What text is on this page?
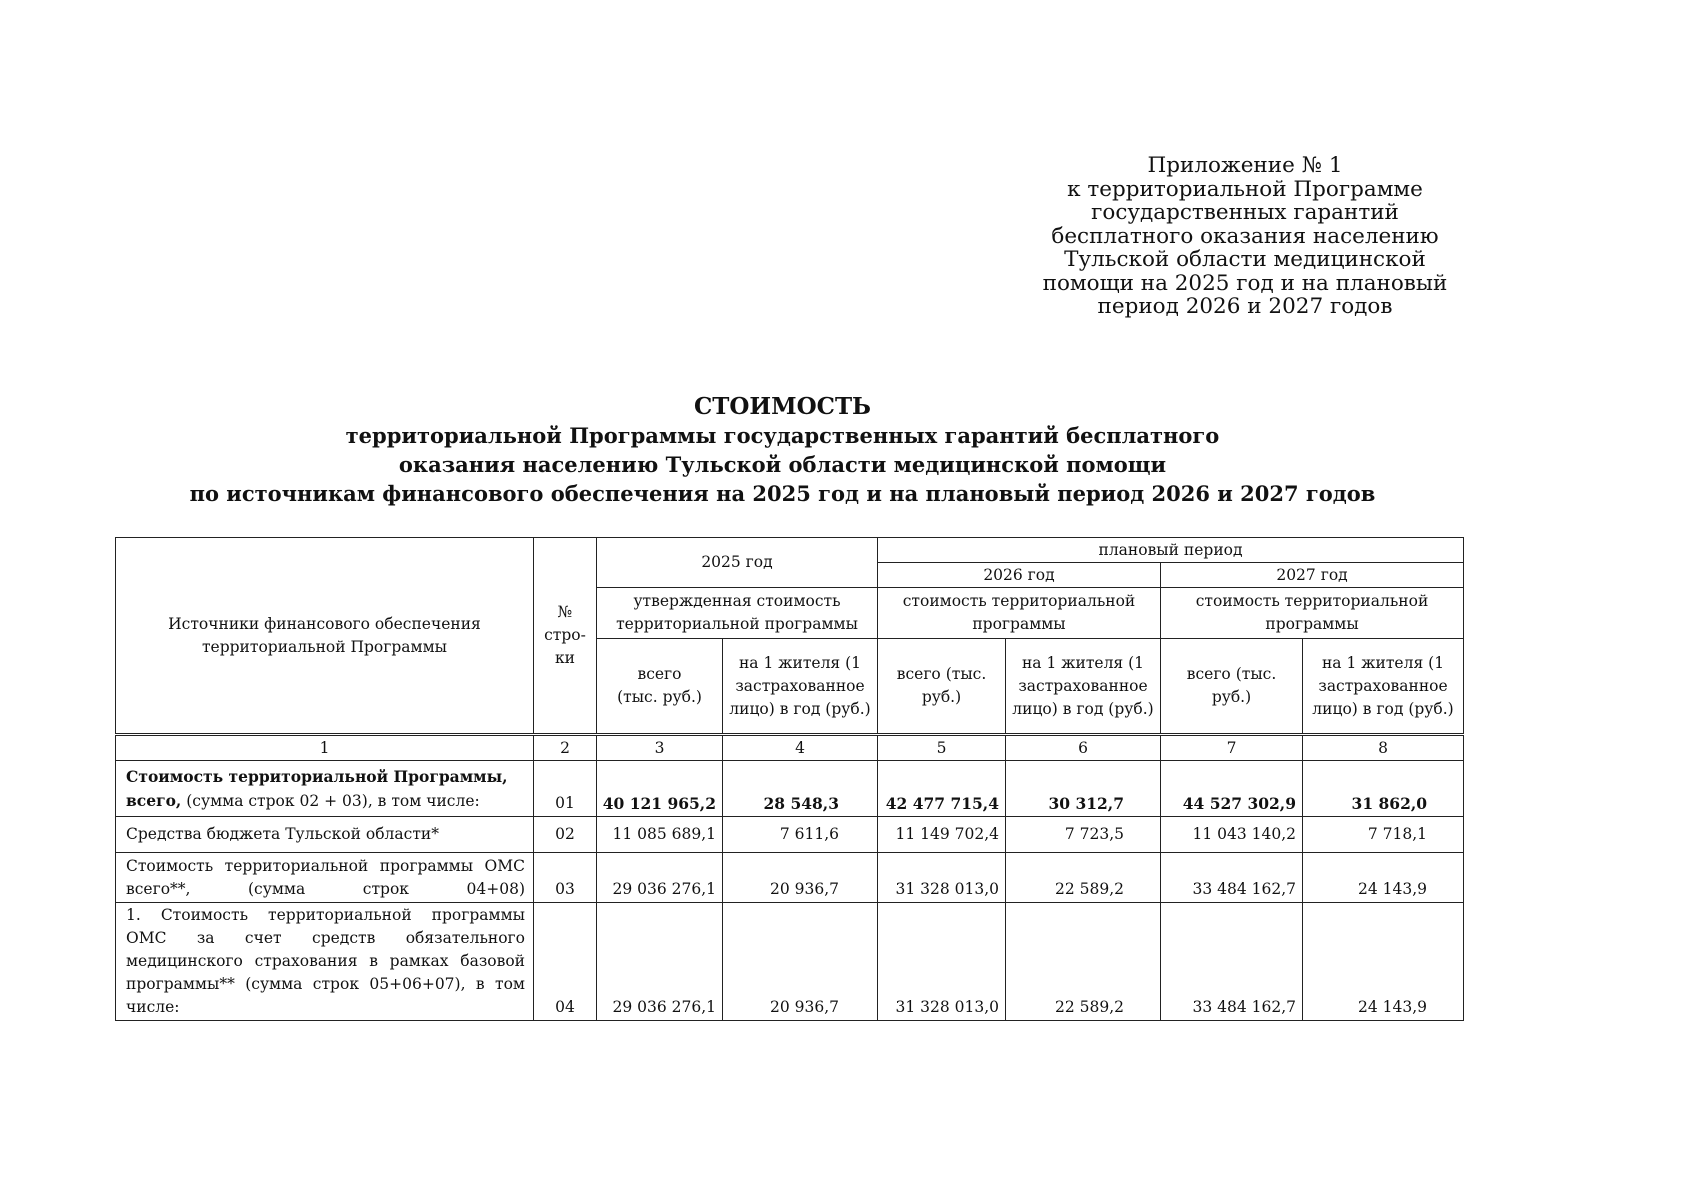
Приложение № 1
к территориальной Программе
государственных гарантий
бесплатного оказания населению
Тульской области медицинской
помощи на 2025 год и на плановый
период 2026 и 2027 годов
СТОИМОСТЬ
территориальной Программы государственных гарантий бесплатного
оказания населению Тульской области медицинской помощи
по источникам финансового обеспечения на 2025 год и на плановый период 2026 и 2027 годов
Источники финансового обеспечения территориальной Программы	№ стро-ки	2025 год		плановый период			
				2026 год		2027 год	
		утвержденная стоимость территориальной программы		стоимость территориальной программы		стоимость территориальной программы	
		всего (тыс. руб.)	на 1 жителя (1 застрахованное лицо) в год (руб.)	всего (тыс. руб.)	на 1 жителя (1 застрахованное лицо) в год (руб.)	всего (тыс. руб.)	на 1 жителя (1 застрахованное лицо) в год (руб.)
1	2	3	4	5	6	7	8
Стоимость территориальной Программы, всего, (сумма строк 02 + 03), в том числе:	01	40 121 965,2	28 548,3	42 477 715,4	30 312,7	44 527 302,9	31 862,0
Средства бюджета Тульской области*	02	11 085 689,1	7 611,6	11 149 702,4	7 723,5	11 043 140,2	7 718,1
Стоимость территориальной программы ОМС всего**, (сумма строк 04+08)	03	29 036 276,1	20 936,7	31 328 013,0	22 589,2	33 484 162,7	24 143,9
1. Стоимость территориальной программы ОМС за счет средств обязательного медицинского страхования в рамках базовой программы** (сумма строк 05+06+07), в том числе:	04	29 036 276,1	20 936,7	31 328 013,0	22 589,2	33 484 162,7	24 143,9
